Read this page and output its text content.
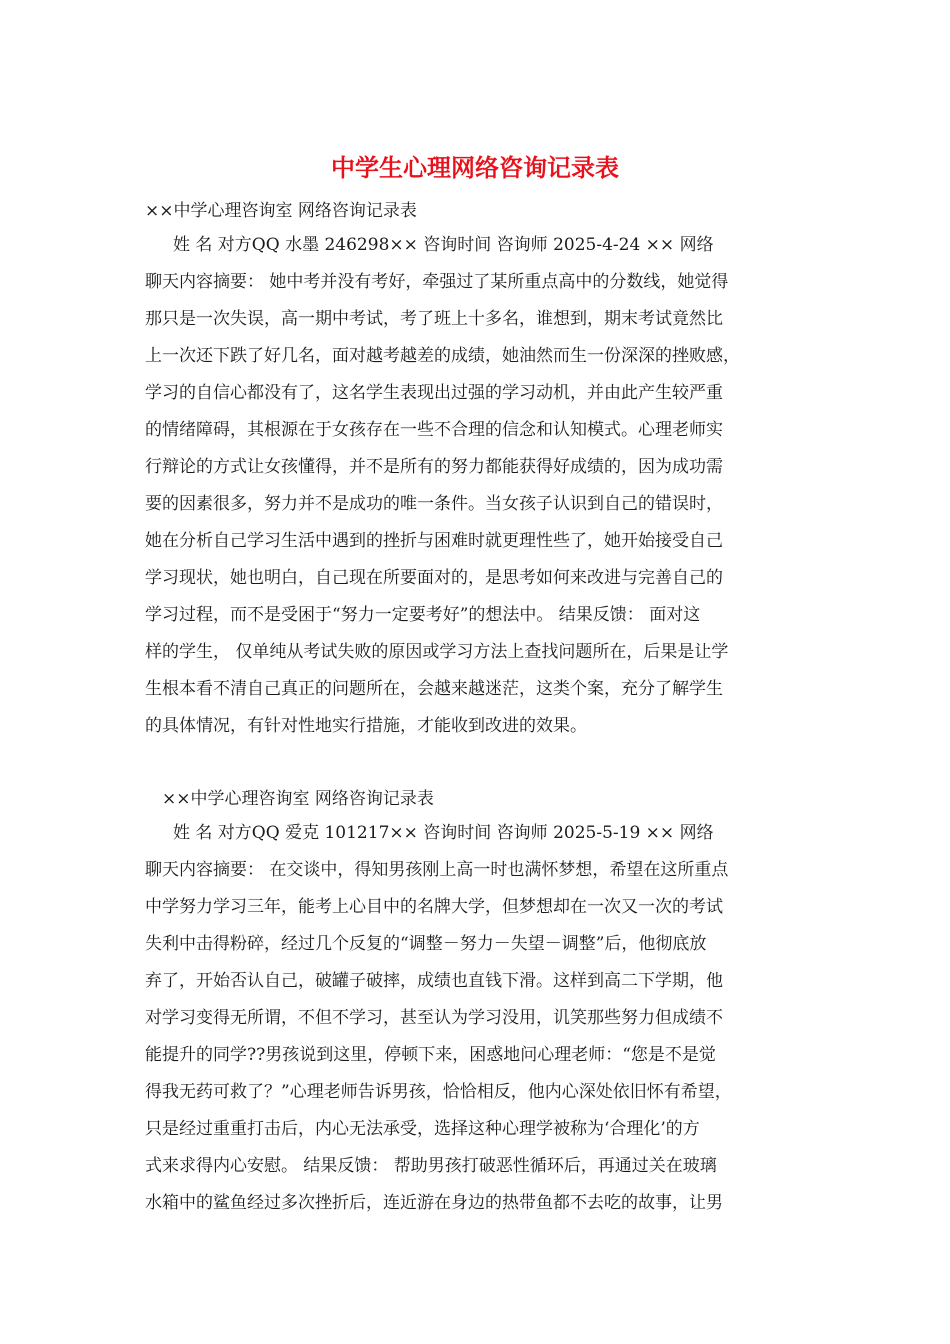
中学生心理网络咨询记录表
××中学心理咨询室 网络咨询记录表
姓 名 对方QQ 水墨 246298×× 咨询时间 咨询师 2025-4-24 ×× 网络
聊天内容摘要： 她中考并没有考好，牵强过了某所重点高中的分数线，她觉得
那只是一次失误，高一期中考试，考了班上十多名，谁想到，期末考试竟然比
上一次还下跌了好几名，面对越考越差的成绩，她油然而生一份深深的挫败感，
学习的自信心都没有了，这名学生表现出过强的学习动机，并由此产生较严重
的情绪障碍，其根源在于女孩存在一些不合理的信念和认知模式。心理老师实
行辩论的方式让女孩懂得，并不是所有的努力都能获得好成绩的，因为成功需
要的因素很多，努力并不是成功的唯一条件。当女孩子认识到自己的错误时，
她在分析自己学习生活中遇到的挫折与困难时就更理性些了，她开始接受自己
学习现状，她也明白，自己现在所要面对的，是思考如何来改进与完善自己的
学习过程，而不是受困于“努力一定要考好”的想法中。 结果反馈： 面对这
样的学生， 仅单纯从考试失败的原因或学习方法上查找问题所在，后果是让学
生根本看不清自己真正的问题所在，会越来越迷茫，这类个案，充分了解学生
的具体情况，有针对性地实行措施，才能收到改进的效果。
××中学心理咨询室 网络咨询记录表
姓 名 对方QQ 爱克 101217×× 咨询时间 咨询师 2025-5-19 ×× 网络
聊天内容摘要： 在交谈中，得知男孩刚上高一时也满怀梦想，希望在这所重点
中学努力学习三年，能考上心目中的名牌大学，但梦想却在一次又一次的考试
失利中击得粉碎，经过几个反复的“调整－努力－失望－调整”后，他彻底放
弃了，开始否认自己，破罐子破摔，成绩也直钱下滑。这样到高二下学期，他
对学习变得无所谓，不但不学习，甚至认为学习没用，讥笑那些努力但成绩不
能提升的同学??男孩说到这里，停顿下来，困惑地问心理老师：“您是不是觉
得我无药可救了？”心理老师告诉男孩，恰恰相反，他内心深处依旧怀有希望，
只是经过重重打击后，内心无法承受，选择这种心理学被称为‘合理化’的方
式来求得内心安慰。 结果反馈： 帮助男孩打破恶性循环后，再通过关在玻璃
水箱中的鲨鱼经过多次挫折后，连近游在身边的热带鱼都不去吃的故事，让男
